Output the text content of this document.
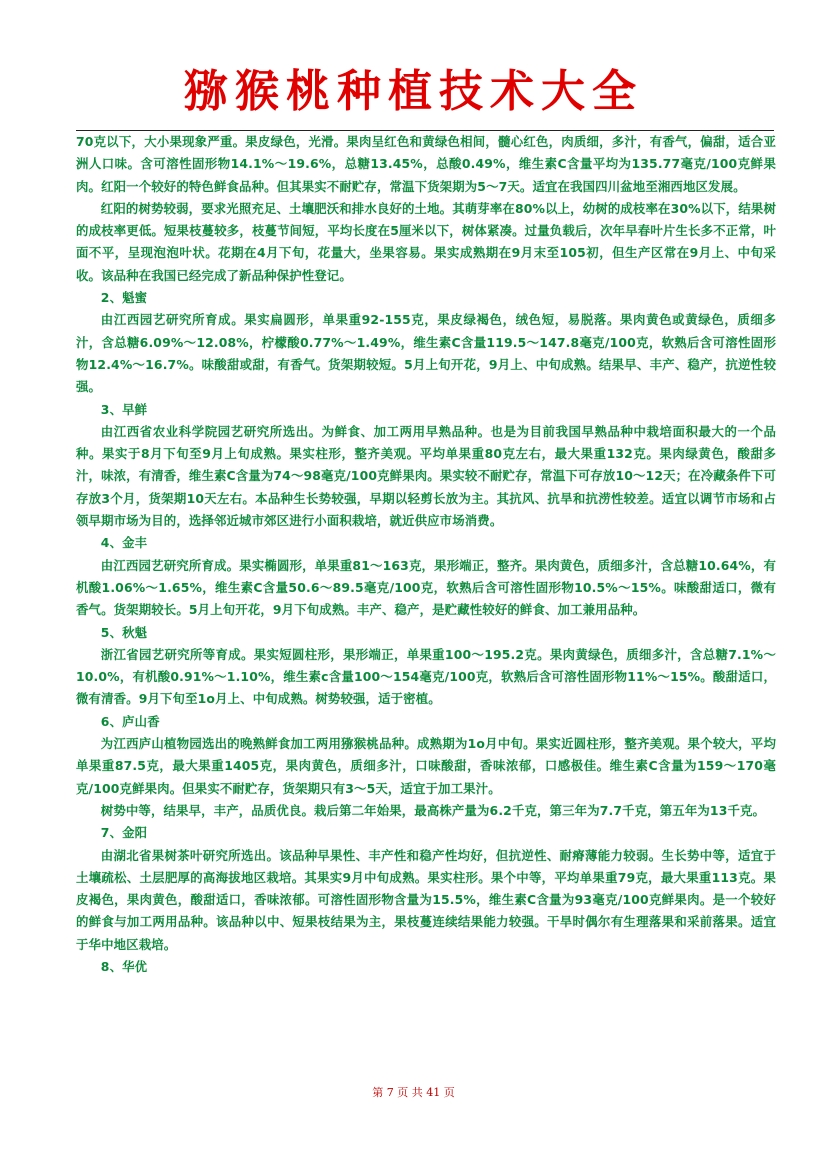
猕猴桃种植技术大全

70克以下，大小果现象严重。果皮绿色，光滑。果肉呈红色和黄绿色相间，髓心红色，肉质细，多汁，有香气，偏甜，适合亚洲人口味。含可溶性固形物14.1%～19.6%，总糖13.45%，总酸0.49%，维生素C含量平均为135.77毫克/100克鲜果肉。红阳一个较好的特色鲜食品种。但其果实不耐贮存，常温下货架期为5～7天。适宜在我国四川盆地至湘西地区发展。

红阳的树势较弱，要求光照充足、土壤肥沃和排水良好的土地。其萌芽率在80%以上，幼树的成枝率在30%以下，结果树的成枝率更低。短果枝蔓较多，枝蔓节间短，平均长度在5厘米以下，树体紧凑。过量负载后，次年早春叶片生长多不正常，叶面不平，呈现泡泡叶状。花期在4月下旬，花量大，坐果容易。果实成熟期在9月末至105初，但生产区常在9月上、中旬采收。该品种在我国已经完成了新品种保护性登记。

2、魁蜜

由江西园艺研究所育成。果实扁圆形，单果重92-155克，果皮绿褐色，绒色短，易脱落。果肉黄色或黄绿色，质细多汁，含总糖6.09%～12.08%，柠檬酸0.77%～1.49%，维生素C含量119.5～147.8毫克/100克，软熟后含可溶性固形物12.4%～16.7%。味酸甜或甜，有香气。货架期较短。5月上旬开花，9月上、中旬成熟。结果早、丰产、稳产，抗逆性较强。

3、早鲜

由江西省农业科学院园艺研究所选出。为鲜食、加工两用早熟品种。也是为目前我国早熟品种中栽培面积最大的一个品种。果实于8月下旬至9月上旬成熟。果实柱形，整齐美观。平均单果重80克左右，最大果重132克。果肉绿黄色，酸甜多汁，味浓，有清香，维生素C含量为74～98毫克/100克鲜果肉。果实较不耐贮存，常温下可存放10～12天；在冷藏条件下可存放3个月，货架期10天左右。本品种生长势较强，早期以轻剪长放为主。其抗风、抗旱和抗涝性较差。适宜以调节市场和占领早期市场为目的，选择邻近城市郊区进行小面积栽培，就近供应市场消费。

4、金丰

由江西园艺研究所育成。果实椭圆形，单果重81～163克，果形端正，整齐。果肉黄色，质细多汁，含总糖10.64%，有机酸1.06%～1.65%，维生素C含量50.6～89.5毫克/100克，软熟后含可溶性固形物10.5%～15%。味酸甜适口，微有香气。货架期较长。5月上旬开花，9月下旬成熟。丰产、稳产，是贮藏性较好的鲜食、加工兼用品种。

5、秋魁

浙江省园艺研究所等育成。果实短圆柱形，果形端正，单果重100～195.2克。果肉黄绿色，质细多汁，含总糖7.1%～10.0%，有机酸0.91%～1.10%，维生素c含量100～154毫克/100克，软熟后含可溶性固形物11%～15%。酸甜适口，微有清香。9月下旬至1o月上、中旬成熟。树势较强，适于密植。

6、庐山香

为江西庐山植物园选出的晚熟鲜食加工两用猕猴桃品种。成熟期为1o月中旬。果实近圆柱形，整齐美观。果个较大，平均单果重87.5克，最大果重1405克，果肉黄色，质细多汁，口味酸甜，香味浓郁，口感极佳。维生素C含量为159～170毫克/100克鲜果肉。但果实不耐贮存，货架期只有3～5天，适宜于加工果汁。

树势中等，结果早，丰产，品质优良。栽后第二年始果，最高株产量为6.2千克，第三年为7.7千克，第五年为13千克。

7、金阳

由湖北省果树茶叶研究所选出。该品种早果性、丰产性和稳产性均好，但抗逆性、耐瘠薄能力较弱。生长势中等，适宜于土壤疏松、土层肥厚的高海拔地区栽培。其果实9月中旬成熟。果实柱形。果个中等，平均单果重79克，最大果重113克。果皮褐色，果肉黄色，酸甜适口，香味浓郁。可溶性固形物含量为15.5%，维生素C含量为93毫克/100克鲜果肉。是一个较好的鲜食与加工两用品种。该品种以中、短果枝结果为主，果枝蔓连续结果能力较强。干旱时偶尔有生理落果和采前落果。适宜于华中地区栽培。

8、华优
第 7 页 共 41 页
